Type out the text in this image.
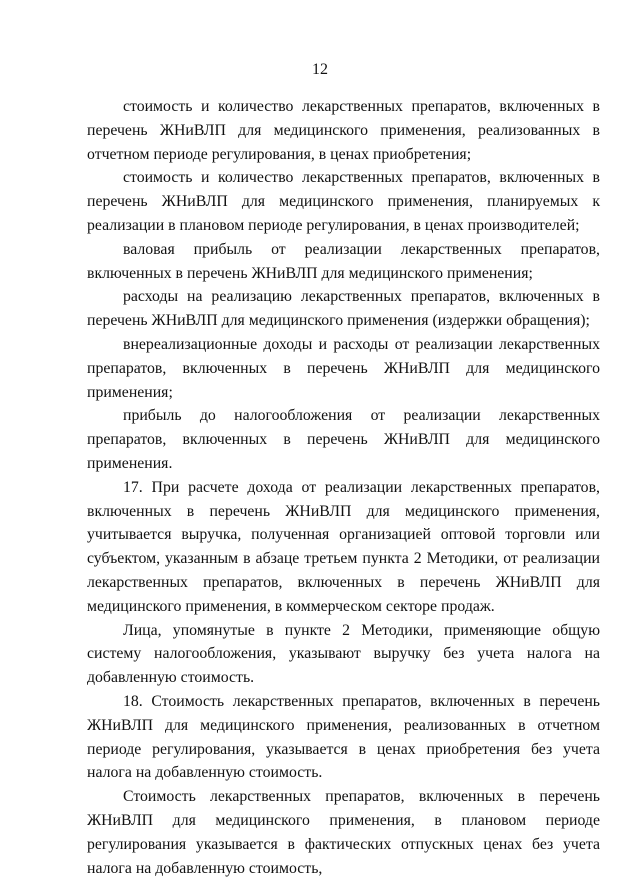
12

стоимость и количество лекарственных препаратов, включенных в перечень ЖНиВЛП для медицинского применения, реализованных в отчетном периоде регулирования, в ценах приобретения;

стоимость и количество лекарственных препаратов, включенных в перечень ЖНиВЛП для медицинского применения, планируемых к реализации в плановом периоде регулирования, в ценах производителей;

валовая прибыль от реализации лекарственных препаратов, включенных в перечень ЖНиВЛП для медицинского применения;

расходы на реализацию лекарственных препаратов, включенных в перечень ЖНиВЛП для медицинского применения (издержки обращения);

внереализационные доходы и расходы от реализации лекарственных препаратов, включенных в перечень ЖНиВЛП для медицинского применения;

прибыль до налогообложения от реализации лекарственных препаратов, включенных в перечень ЖНиВЛП для медицинского применения.

17. При расчете дохода от реализации лекарственных препаратов, включенных в перечень ЖНиВЛП для медицинского применения, учитывается выручка, полученная организацией оптовой торговли или субъектом, указанным в абзаце третьем пункта 2 Методики, от реализации лекарственных препаратов, включенных в перечень ЖНиВЛП для медицинского применения, в коммерческом секторе продаж.

Лица, упомянутые в пункте 2 Методики, применяющие общую систему налогообложения, указывают выручку без учета налога на добавленную стоимость.

18. Стоимость лекарственных препаратов, включенных в перечень ЖНиВЛП для медицинского применения, реализованных в отчетном периоде регулирования, указывается в ценах приобретения без учета налога на добавленную стоимость.

Стоимость лекарственных препаратов, включенных в перечень ЖНиВЛП для медицинского применения, в плановом периоде регулирования указывается в фактических отпускных ценах без учета налога на добавленную стоимость,
